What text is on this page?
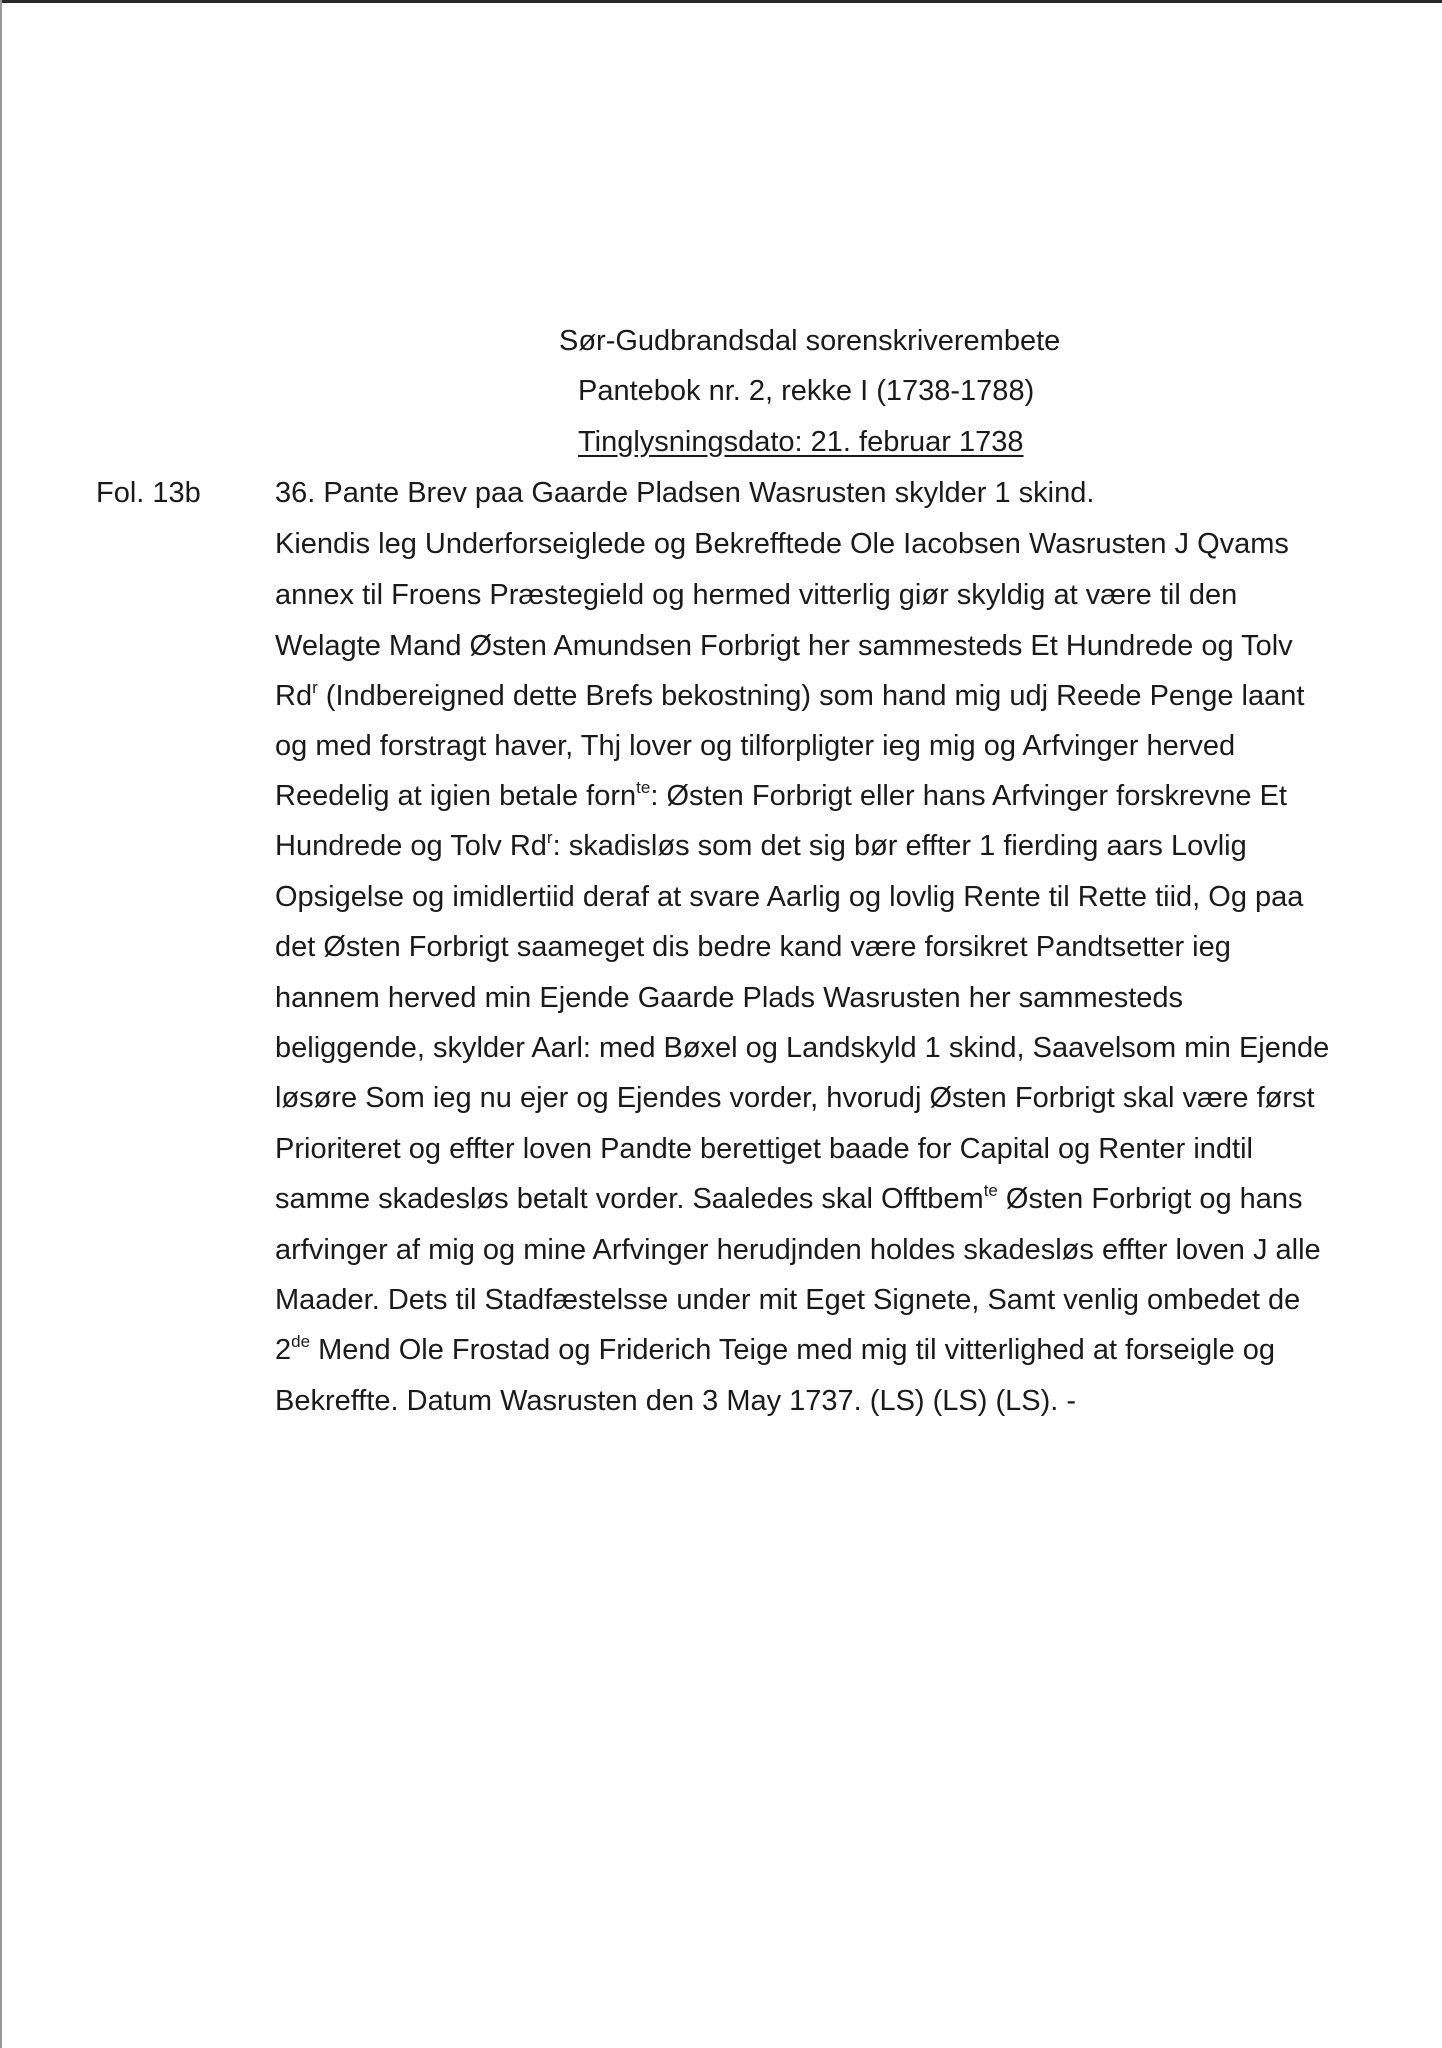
Sør-Gudbrandsdal sorenskriverembete
Pantebok nr. 2, rekke I (1738-1788)
Tinglysningsdato: 21. februar 1738
Fol. 13b	36. Pante Brev paa Gaarde Pladsen Wasrusten skylder 1 skind.
Kiendis leg Underforseiglede og Bekrefftede Ole Iacobsen Wasrusten J Qvams
annex til Froens Præstegield og hermed vitterlig giør skyldig at være til den
Welagte Mand Østen Amundsen Forbrigt her sammesteds Et Hundrede og Tolv
Rd$^r$ (Indbereigned dette Brefs bekostning) som hand mig udj Reede Penge laant
og med forstragt haver, Thj lover og tilforpligter ieg mig og Arfvinger herved
Reedelig at igien betale forn$^{te}$: Østen Forbrigt eller hans Arfvinger forskrevne Et
Hundrede og Tolv Rd$^r$: skadisløs som det sig bør effter 1 fierding aars Lovlig
Opsigelse og imidlertiid deraf at svare Aarlig og lovlig Rente til Rette tiid, Og paa
det Østen Forbrigt saameget dis bedre kand være forsikret Pandtsetter ieg
hannem herved min Ejende Gaarde Plads Wasrusten her sammesteds
beliggende, skylder Aarl: med Bøxel og Landskyld 1 skind, Saavelsom min Ejende
løsøre Som ieg nu ejer og Ejendes vorder, hvorudj Østen Forbrigt skal være først
Prioriteret og effter loven Pandte berettiget baade for Capital og Renter indtil
samme skadesløs betalt vorder. Saaledes skal Offtbem$^{te}$ Østen Forbrigt og hans
arfvinger af mig og mine Arfvinger herudjnden holdes skadesløs effter loven J alle
Maader. Dets til Stadfæstelsse under mit Eget Signete, Samt venlig ombedet de
2de Mend Ole Frostad og Friderich Teige med mig til vitterlighed at forseigle og
Bekreffte. Datum Wasrusten den 3 May 1737. (LS) (LS) (LS). -
